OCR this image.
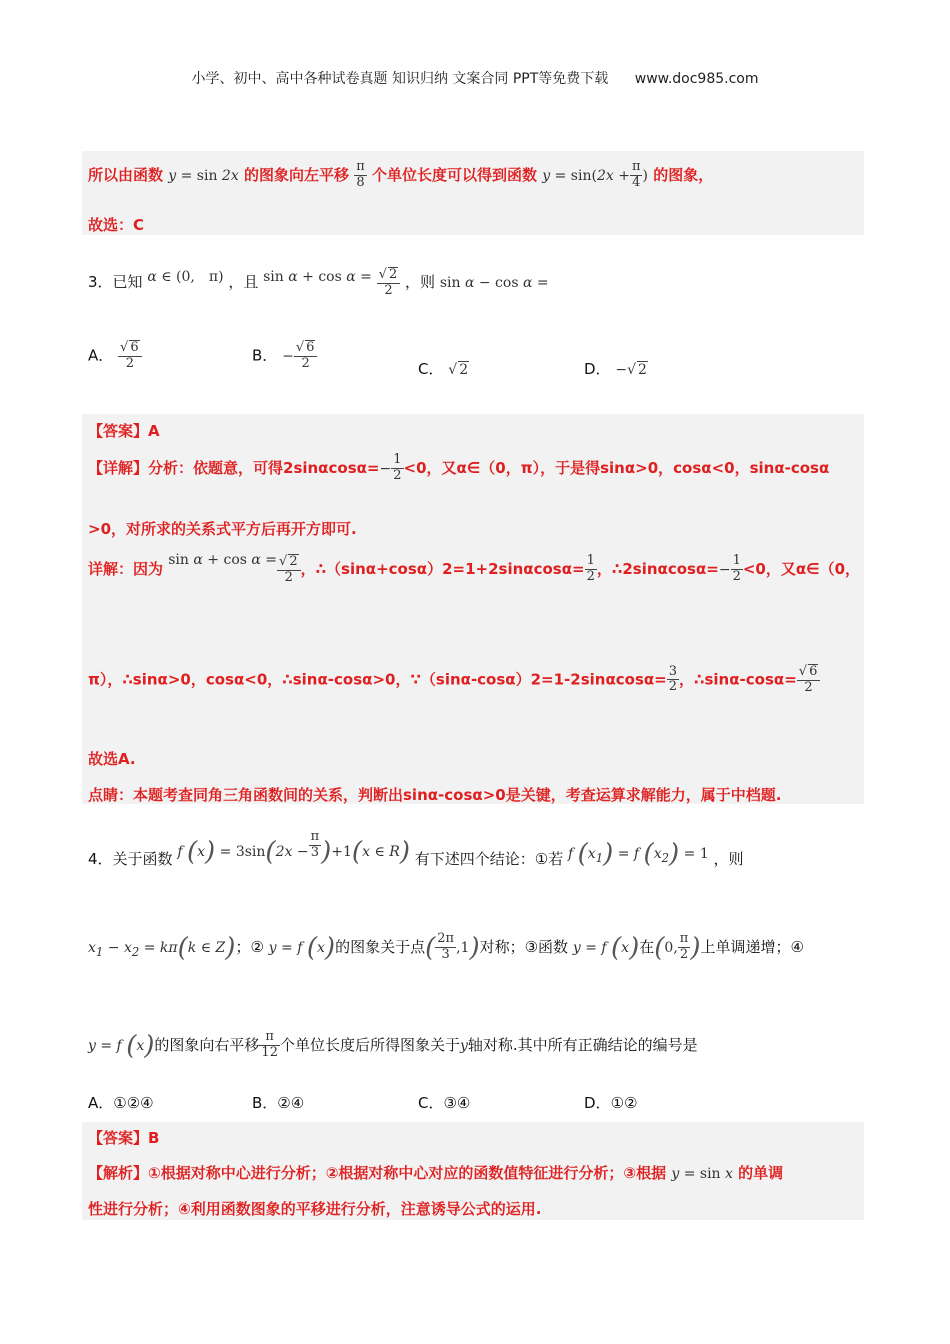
小学、初中、高中各种试卷真题 知识归纳 文案合同 PPT等免费下载 www.doc985.com
所以由函数 y = sin 2x 的图象向左平移 $\frac{\pi}{8}$ 个单位长度可以得到函数 $y = \sin(2x + \frac{\pi}{4}$ ) 的图象，
故选：C
3．已知 α ∈ (0,　π) ，且 $\sin \alpha + \cos \alpha = \frac{√ 2}{2}$ ，则 sin α − cos α =
A． $\frac{√ 6}{2}$	B． − $\frac{√ 6}{2}$	C． √ 2	D． −√ 2
【答案】A
【详解】分析：依题意，可得$2\sin\alpha\cos\alpha=- \frac{1}{2} <0$，又α∈（0，π），于是得sinα>0，cosα<0，sinα-cosα
>0，对所求的关系式平方后再开方即可.
详解：因为 $\sin \alpha + \cos \alpha = \frac{√ 2}{2}$ ，∴（sinα+cosα）2=1+2sinαcosα= $\frac{1}{2}$ ，∴2sinαcosα=− $\frac{1}{2} <0$，又α∈（0，
π），∴sinα>0，cosα<0，∴sinα-cosα>0，∵（sinα-cosα）2=1-2sinαcosα= $\frac{3}{2}$ ，∴sinα-cosα= $\frac{√ 6}{2}$
故选A.
点睛：本题考查同角三角函数间的关系，判断出sinα-cosα>0是关键，考查运算求解能力，属于中档题.
4．关于函数 f $(x) = 3\sin(2x - \frac{\pi}{3} )+1(x$ ∈ R) 有下述四个结论：①若 f $(x_1) = f$ $(x_2) = 1$ ，则
$x_1 - x_2 = k\pi(k$ ∈ Z)；② y = f (x)的图象关于点( $\frac{2\pi}{3} ,1$)对称；③函数 y = f (x)在(0, $\frac{\pi}{2}$ )上单调递增；④
y = f (x)的图象向右平移 $\frac{\pi}{12}$ 个单位长度后所得图象关于y轴对称.其中所有正确结论的编号是
A．①②④	B．②④	C．③④	D．①②
【答案】B
【解析】①根据对称中心进行分析；②根据对称中心对应的函数值特征进行分析；③根据 y = sin x 的单调
性进行分析；④利用函数图象的平移进行分析，注意诱导公式的运用.
